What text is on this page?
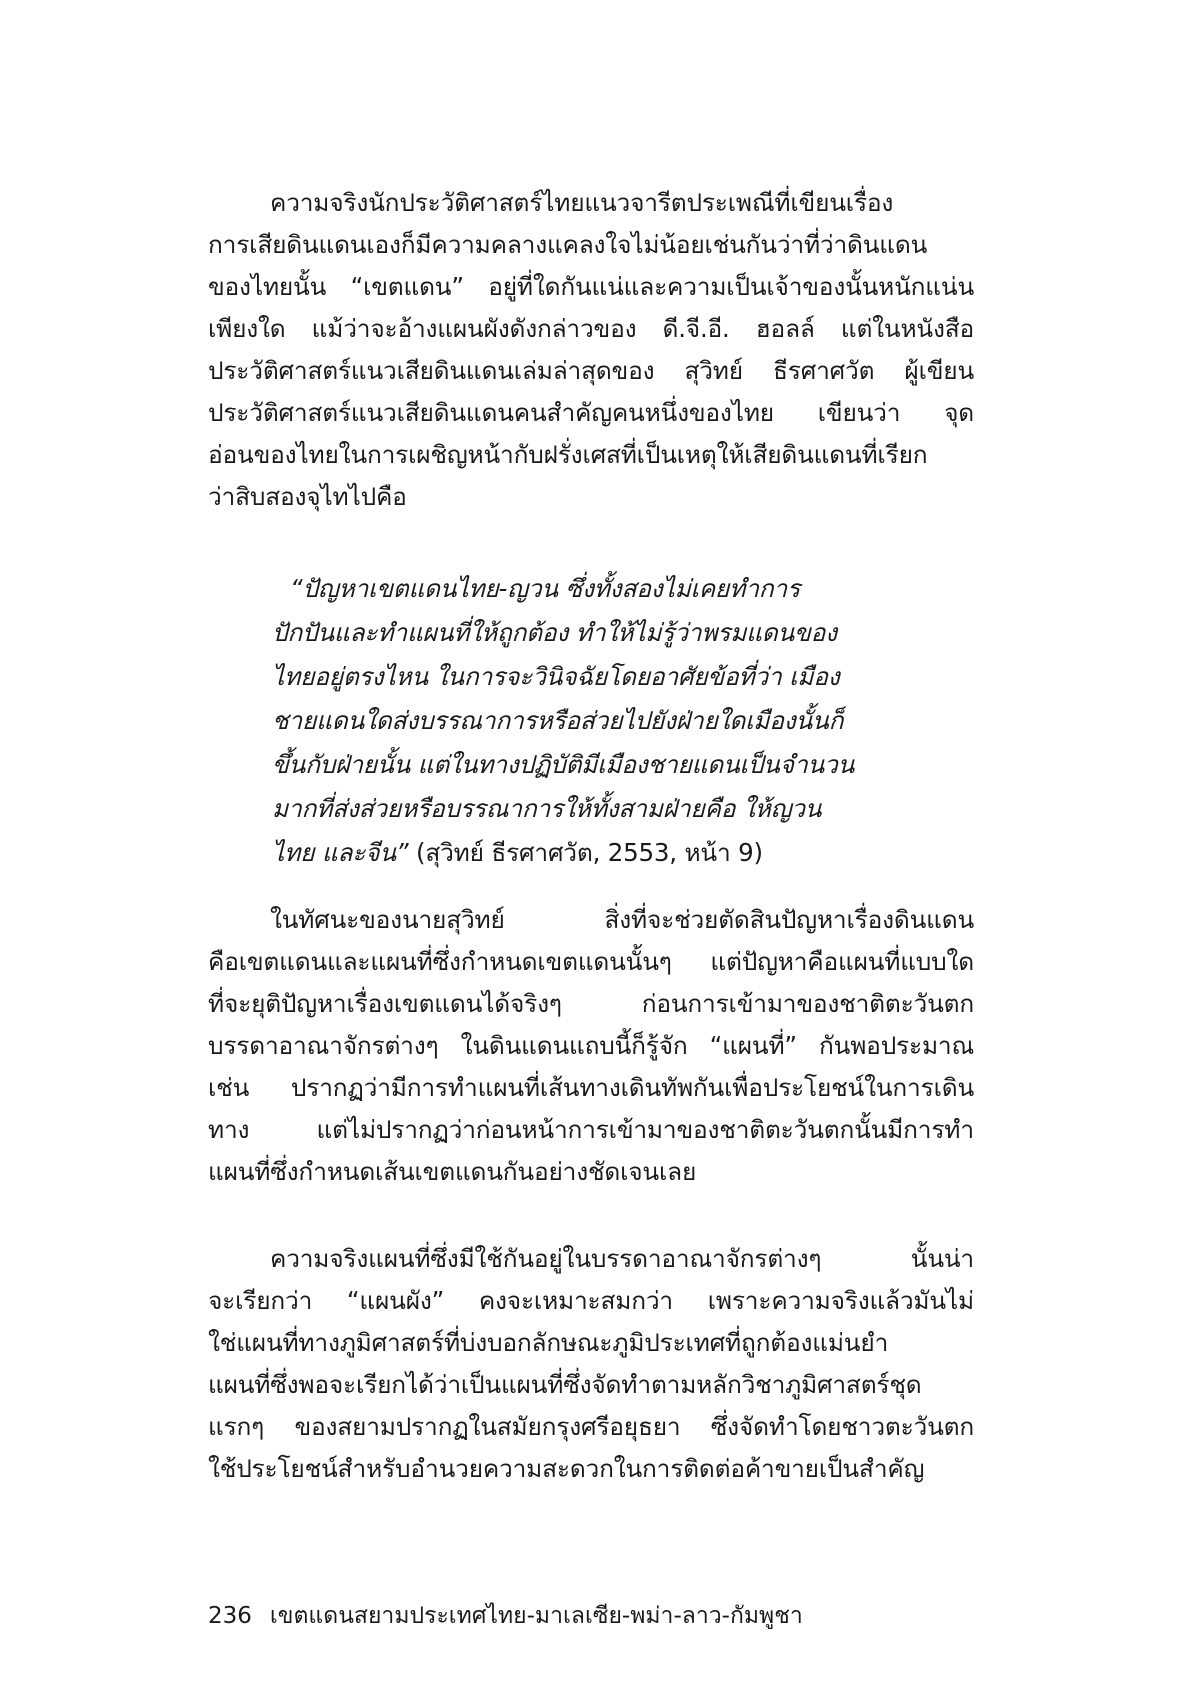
ความจริงนักประวัติศาสตร์ไทยแนวจารีตประเพณีที่เขียนเรื่อง
การเสียดินแดนเองก็มีความคลางแคลงใจไม่น้อยเช่นกันว่าที่ว่าดินแดน
ของไทยนั้น “เขตแดน” อยู่ที่ใดกันแน่และความเป็นเจ้าของนั้นหนักแน่น
เพียงใด แม้ว่าจะอ้างแผนผังดังกล่าวของ ดี.จี.อี. ฮอลล์ แต่ในหนังสือ
ประวัติศาสตร์แนวเสียดินแดนเล่มล่าสุดของ สุวิทย์ ธีรศาศวัต ผู้เขียน
ประวัติศาสตร์แนวเสียดินแดนคนสำคัญคนหนึ่งของไทย เขียนว่า จุด
อ่อนของไทยในการเผชิญหน้ากับฝรั่งเศสที่เป็นเหตุให้เสียดินแดนที่เรียก
ว่าสิบสองจุไทไปคือ
“ปัญหาเขตแดนไทย-ญวน ซึ่งทั้งสองไม่เคยทำการ
ปักปันและทำแผนที่ให้ถูกต้อง ทำให้ไม่รู้ว่าพรมแดนของ
ไทยอยู่ตรงไหน ในการจะวินิจฉัยโดยอาศัยข้อที่ว่า เมือง
ชายแดนใดส่งบรรณาการหรือส่วยไปยังฝ่ายใดเมืองนั้นก็
ขึ้นกับฝ่ายนั้น แต่ในทางปฏิบัติมีเมืองชายแดนเป็นจำนวน
มากที่ส่งส่วยหรือบรรณาการให้ทั้งสามฝ่ายคือ ให้ญวน
ไทย และจีน” (สุวิทย์ ธีรศาศวัต, 2553, หน้า 9)
ในทัศนะของนายสุวิทย์ สิ่งที่จะช่วยตัดสินปัญหาเรื่องดินแดน
คือเขตแดนและแผนที่ซึ่งกำหนดเขตแดนนั้นๆ แต่ปัญหาคือแผนที่แบบใด
ที่จะยุติปัญหาเรื่องเขตแดนได้จริงๆ ก่อนการเข้ามาของชาติตะวันตก
บรรดาอาณาจักรต่างๆ ในดินแดนแถบนี้ก็รู้จัก “แผนที่” กันพอประมาณ
เช่น ปรากฏว่ามีการทำแผนที่เส้นทางเดินทัพกันเพื่อประโยชน์ในการเดิน
ทาง แต่ไม่ปรากฏว่าก่อนหน้าการเข้ามาของชาติตะวันตกนั้นมีการทำ
แผนที่ซึ่งกำหนดเส้นเขตแดนกันอย่างชัดเจนเลย
ความจริงแผนที่ซึ่งมีใช้กันอยู่ในบรรดาอาณาจักรต่างๆ นั้นน่า
จะเรียกว่า “แผนผัง” คงจะเหมาะสมกว่า เพราะความจริงแล้วมันไม่
ใช่แผนที่ทางภูมิศาสตร์ที่บ่งบอกลักษณะภูมิประเทศที่ถูกต้องแม่นยำ
แผนที่ซึ่งพอจะเรียกได้ว่าเป็นแผนที่ซึ่งจัดทำตามหลักวิชาภูมิศาสตร์ชุด
แรกๆ ของสยามปรากฏในสมัยกรุงศรีอยุธยา ซึ่งจัดทำโดยชาวตะวันตก
ใช้ประโยชน์สำหรับอำนวยความสะดวกในการติดต่อค้าขายเป็นสำคัญ
236 เขตแดนสยามประเทศไทย-มาเลเซีย-พม่า-ลาว-กัมพูชา
